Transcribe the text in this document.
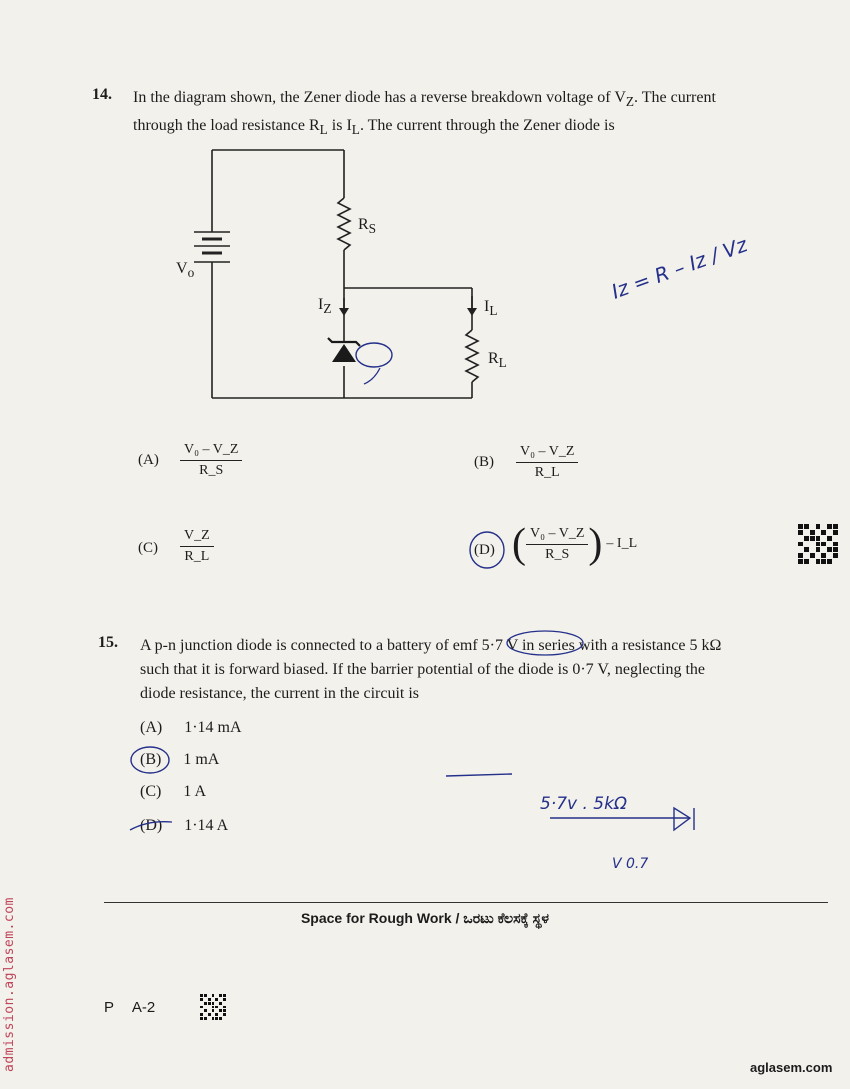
14. In the diagram shown, the Zener diode has a reverse breakdown voltage of $V_Z$. The current
through the load resistance $R_L$ is $I_L$. The current through the Zener diode is
$R_S$
$V_o$
$I_Z$	$I_L$
$R_L$
$(A) \frac{\text{V₀ – V\_Z}}{R\_S}$	$(B) \frac{\text{V₀ – V\_Z}}{R\_L}$
$(C) \frac{V\_Z}{R\_L}$	(D) ( $\frac{\text{V₀ – V\_Z}}{R\_S}$ ) – I_L
15. A p-n junction diode is connected to a battery of emf 5·7 V in series with a resistance 5 kΩ
such that it is forward biased. If the barrier potential of the diode is 0·7 V, neglecting the
diode resistance, the current in the circuit is
(A) 1·14 mA
(B) 1 mA
(C) 1 A
(D) 1·14 A
Iz = R – Iz / Vz
5·7v . 5kΩ
V 0.7
Space for Rough Work / ಒರಟು ಕೆಲಸಕ್ಕೆ ಸ್ಥಳ
P A-2
admission.aglasem.com	aglasem.com
